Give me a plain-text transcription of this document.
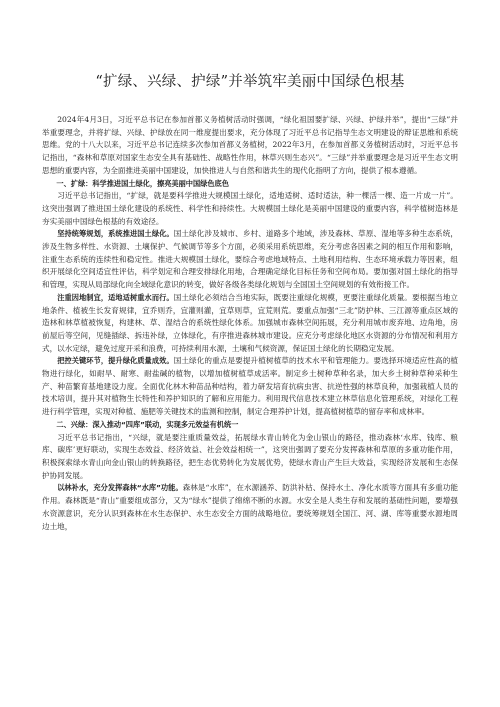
“扩绿、兴绿、护绿”并举筑牢美丽中国绿色根基

2024年4月3日，习近平总书记在参加首都义务植树活动时强调，“绿化祖国要扩绿、兴绿、护绿并举”，提出“三绿”并举重要理念，并将扩绿、兴绿、护绿放在同一维度提出要求，充分体现了习近平总书记指导生态文明建设的辩证思维和系统思维。党的十八大以来，习近平总书记连续多次参加首都义务植树，2022年3月，在参加首都义务植树活动时，习近平总书记指出，“森林和草原对国家生态安全具有基础性、战略性作用，林草兴则生态兴”。“三绿”并举重要理念是习近平生态文明思想的重要内容，为全面推进美丽中国建设，加快推进人与自然和谐共生的现代化指明了方向，提供了根本遵循。

一、扩绿：科学推进国土绿化，擦亮美丽中国绿色底色

习近平总书记指出，“扩绿，就是要科学推进大规模国土绿化，适地适树、适时适法，种一棵活一棵、造一片成一片”。这突出强调了推进国土绿化建设的系统性、科学性和持续性。大规模国土绿化是美丽中国建设的重要内容，科学植树造林是夯实美丽中国绿色根基的有效途径。

坚持统筹规划，系统推进国土绿化。国土绿化涉及城市、乡村、道路多个地域，涉及森林、草原、湿地等多种生态系统，涉及生物多样性、水资源、土壤保护、气候调节等多个方面，必须采用系统思维，充分考虑各因素之间的相互作用和影响，注重生态系统的连续性和稳定性。推进大规模国土绿化，要综合考虑地域特点、土地利用结构、生态环境承载力等因素，组织开展绿化空间适宜性评估，科学划定和合理安排绿化用地，合理确定绿化目标任务和空间布局。要加强对国土绿化的指导和管理，实现从局部绿化向全域绿化意识的转变，做好各级各类绿化规划与全国国土空间规划的有效衔接工作。

注重因地制宜，适地适树重水而行。国土绿化必须结合当地实际，既要注重绿化规模，更要注重绿化质量。要根据当地立地条件、植被生长发育规律，宜乔则乔，宜灌则灌，宜草则草，宜荒则荒。要重点加强“三北”防护林、三江源等重点区域的造林和林草植被恢复，构建林、草、湿结合的系统性绿化体系。加强城市森林空间拓展，充分利用城市废弃地、边角地，房前屋后等空间，见缝插绿、拆违补绿，立体绿化，有序推进森林城市建设。应充分考虑绿化地区水资源的分布情况和利用方式，以水定绿，避免过度开采和浪费，可持续利用水源，土壤和气候资源，保证国土绿化的长期稳定发展。

把控关键环节，提升绿化质量成效。国土绿化的重点是要提升植树植草的技术水平和管理能力。要选择环境适应性高的植物进行绿化，如耐旱、耐寒、耐盐碱的植物，以增加植树植草成活率。制定乡土树种草种名录，加大乡土树种草种采种生产、种苗繁育基地建设力度。全面优化林木种苗品种结构，着力研发培育抗病虫害、抗逆性强的林草良种，加强栽植人员的技术培训，提升其对植物生长特性和养护知识的了解和应用能力。利用现代信息技术建立林草信息化管理系统，对绿化工程进行科学管理，实现对种植、施肥等关键技术的监测和控制，制定合理养护计划，提高植树植草的留存率和成林率。

二、兴绿：深入推动“四库”联动，实现多元效益有机统一

习近平总书记指出，“兴绿，就是要注重质量效益，拓展绿水青山转化为金山银山的路径，推动森林‘水库、钱库、粮库、碳库’更好联动，实现生态效益、经济效益、社会效益相统一”，这突出强调了要充分发挥森林和草原的多重功能作用，积极探索绿水青山向金山银山的转换路径，把生态优势转化为发展优势，使绿水青山产生巨大效益，实现经济发展和生态保护协同发展。

以林补水，充分发挥森林“水库”功能。森林是“水库”，在水源涵养、防洪补枯、保持水土、净化水质等方面具有多重功能作用。森林既是“青山”重要组成部分，又为“绿水”提供了绵绵不断的水源。水安全是人类生存和发展的基础性问题，要增强水资源意识，充分认识到森林在水生态保护、水生态安全方面的战略地位。要统筹规划全国江、河、湖、库等重要水源地周边土地，
